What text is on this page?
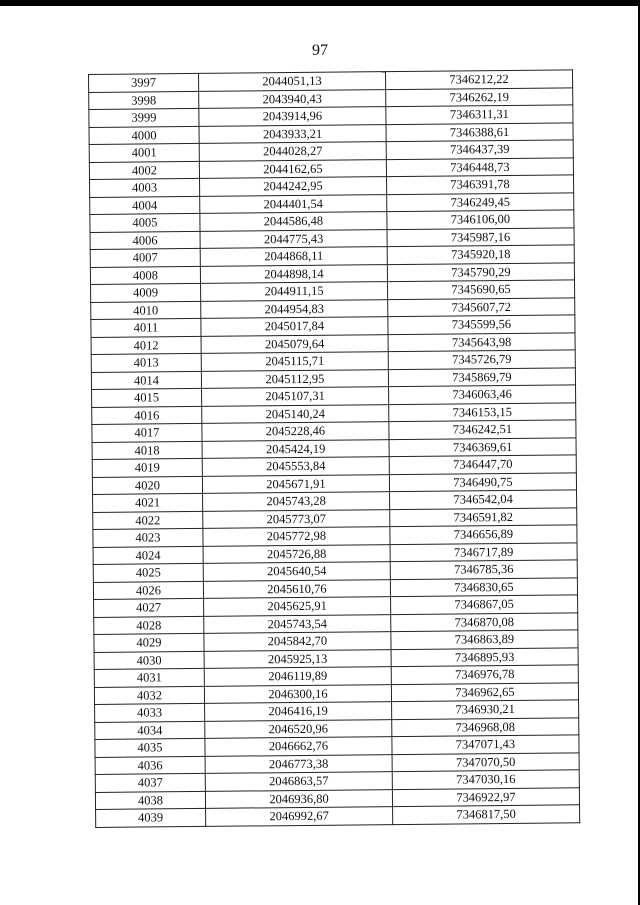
97
3997	2044051,13	7346212,22
3998	2043940,43	7346262,19
3999	2043914,96	7346311,31
4000	2043933,21	7346388,61
4001	2044028,27	7346437,39
4002	2044162,65	7346448,73
4003	2044242,95	7346391,78
4004	2044401,54	7346249,45
4005	2044586,48	7346106,00
4006	2044775,43	7345987,16
4007	2044868,11	7345920,18
4008	2044898,14	7345790,29
4009	2044911,15	7345690,65
4010	2044954,83	7345607,72
4011	2045017,84	7345599,56
4012	2045079,64	7345643,98
4013	2045115,71	7345726,79
4014	2045112,95	7345869,79
4015	2045107,31	7346063,46
4016	2045140,24	7346153,15
4017	2045228,46	7346242,51
4018	2045424,19	7346369,61
4019	2045553,84	7346447,70
4020	2045671,91	7346490,75
4021	2045743,28	7346542,04
4022	2045773,07	7346591,82
4023	2045772,98	7346656,89
4024	2045726,88	7346717,89
4025	2045640,54	7346785,36
4026	2045610,76	7346830,65
4027	2045625,91	7346867,05
4028	2045743,54	7346870,08
4029	2045842,70	7346863,89
4030	2045925,13	7346895,93
4031	2046119,89	7346976,78
4032	2046300,16	7346962,65
4033	2046416,19	7346930,21
4034	2046520,96	7346968,08
4035	2046662,76	7347071,43
4036	2046773,38	7347070,50
4037	2046863,57	7347030,16
4038	2046936,80	7346922,97
4039	2046992,67	7346817,50
